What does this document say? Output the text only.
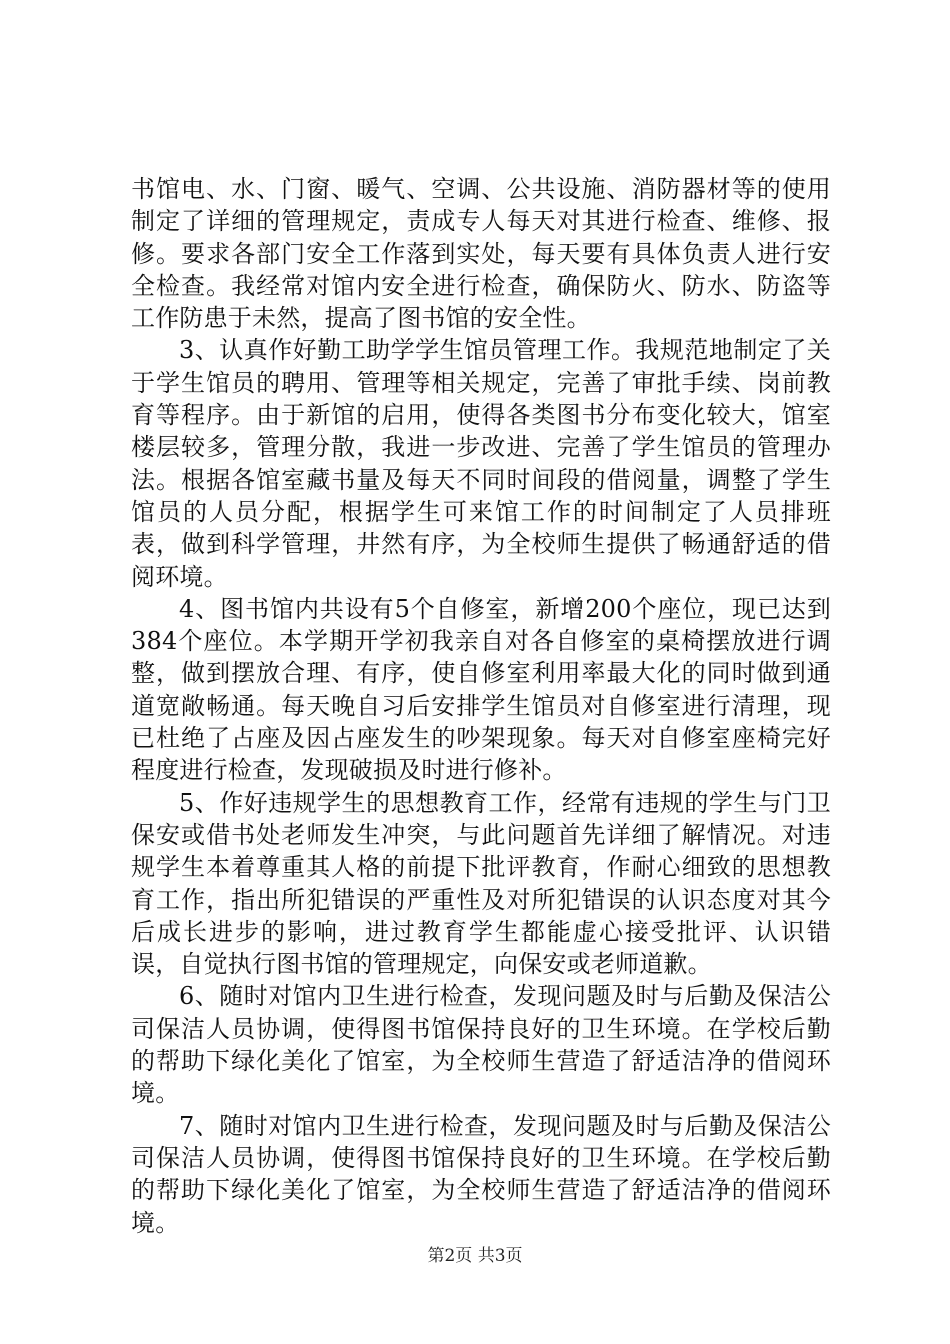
书馆电、水、门窗、暖气、空调、公共设施、消防器材等的使用制定了详细的管理规定，责成专人每天对其进行检查、维修、报修。要求各部门安全工作落到实处，每天要有具体负责人进行安全检查。我经常对馆内安全进行检查，确保防火、防水、防盗等工作防患于未然，提高了图书馆的安全性。

3、认真作好勤工助学学生馆员管理工作。我规范地制定了关于学生馆员的聘用、管理等相关规定，完善了审批手续、岗前教育等程序。由于新馆的启用，使得各类图书分布变化较大，馆室楼层较多，管理分散，我进一步改进、完善了学生馆员的管理办法。根据各馆室藏书量及每天不同时间段的借阅量，调整了学生馆员的人员分配，根据学生可来馆工作的时间制定了人员排班表，做到科学管理，井然有序，为全校师生提供了畅通舒适的借阅环境。

4、图书馆内共设有5个自修室，新增200个座位，现已达到384个座位。本学期开学初我亲自对各自修室的桌椅摆放进行调整，做到摆放合理、有序，使自修室利用率最大化的同时做到通道宽敞畅通。每天晚自习后安排学生馆员对自修室进行清理，现已杜绝了占座及因占座发生的吵架现象。每天对自修室座椅完好程度进行检查，发现破损及时进行修补。

5、作好违规学生的思想教育工作，经常有违规的学生与门卫保安或借书处老师发生冲突，与此问题首先详细了解情况。对违规学生本着尊重其人格的前提下批评教育，作耐心细致的思想教育工作，指出所犯错误的严重性及对所犯错误的认识态度对其今后成长进步的影响，进过教育学生都能虚心接受批评、认识错误，自觉执行图书馆的管理规定，向保安或老师道歉。

6、随时对馆内卫生进行检查，发现问题及时与后勤及保洁公司保洁人员协调，使得图书馆保持良好的卫生环境。在学校后勤的帮助下绿化美化了馆室，为全校师生营造了舒适洁净的借阅环境。

7、随时对馆内卫生进行检查，发现问题及时与后勤及保洁公司保洁人员协调，使得图书馆保持良好的卫生环境。在学校后勤的帮助下绿化美化了馆室，为全校师生营造了舒适洁净的借阅环境。

第2页 共3页
